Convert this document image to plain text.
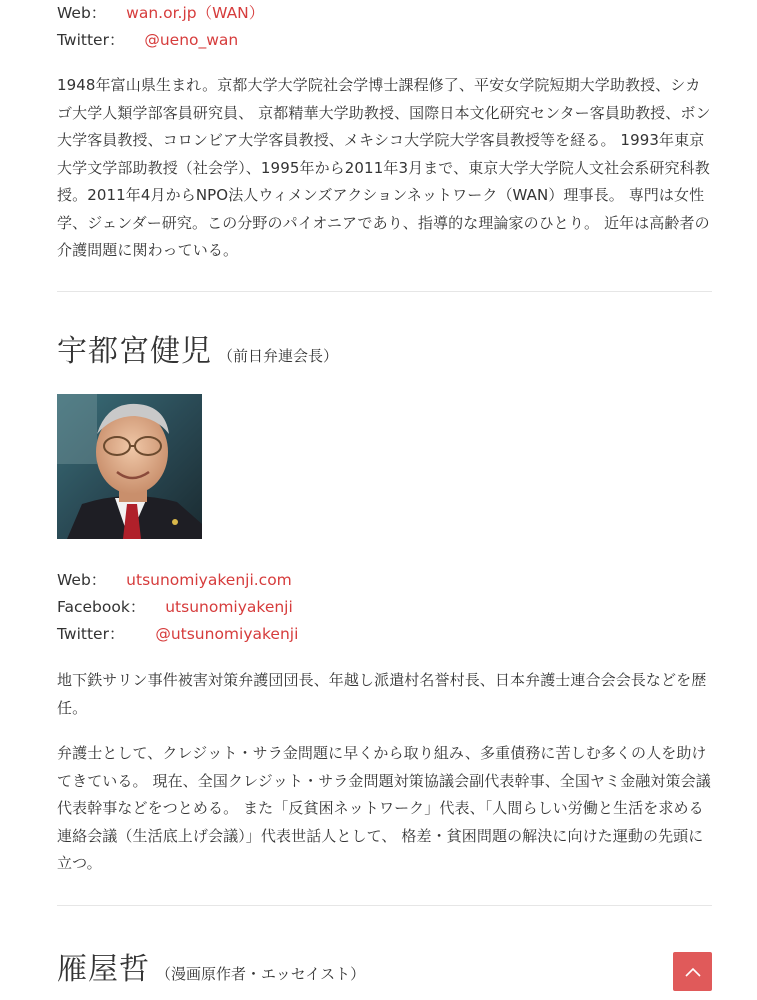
Web： wan.or.jp（WAN）
Twitter： @ueno_wan

1948年富山県生まれ。京都大学大学院社会学博士課程修了、平安女学院短期大学助教授、シカゴ大学人類学部客員研究員、 京都精華大学助教授、国際日本文化研究センター客員助教授、ボン大学客員教授、コロンビア大学客員教授、メキシコ大学院大学客員教授等を経る。 1993年東京大学文学部助教授（社会学）、1995年から2011年3月まで、東京大学大学院人文社会系研究科教授。2011年4月からNPO法人ウィメンズアクションネットワーク（WAN）理事長。 専門は女性学、ジェンダー研究。この分野のパイオニアであり、指導的な理論家のひとり。 近年は高齢者の介護問題に関わっている。

宇都宮健児 （前日弁連会長）
Web： utsunomiyakenji.com
Facebook： utsunomiyakenji
Twitter： @utsunomiyakenji

地下鉄サリン事件被害対策弁護団団長、年越し派遣村名誉村長、日本弁護士連合会会長などを歴任。

弁護士として、クレジット・サラ金問題に早くから取り組み、多重債務に苦しむ多くの人を助けてきている。 現在、全国クレジット・サラ金問題対策協議会副代表幹事、全国ヤミ金融対策会議代表幹事などをつとめる。 また「反貧困ネットワーク」代表、「人間らしい労働と生活を求める連絡会議（生活底上げ会議）」代表世話人として、 格差・貧困問題の解決に向けた運動の先頭に立つ。

雁屋哲 （漫画原作者・エッセイスト）
